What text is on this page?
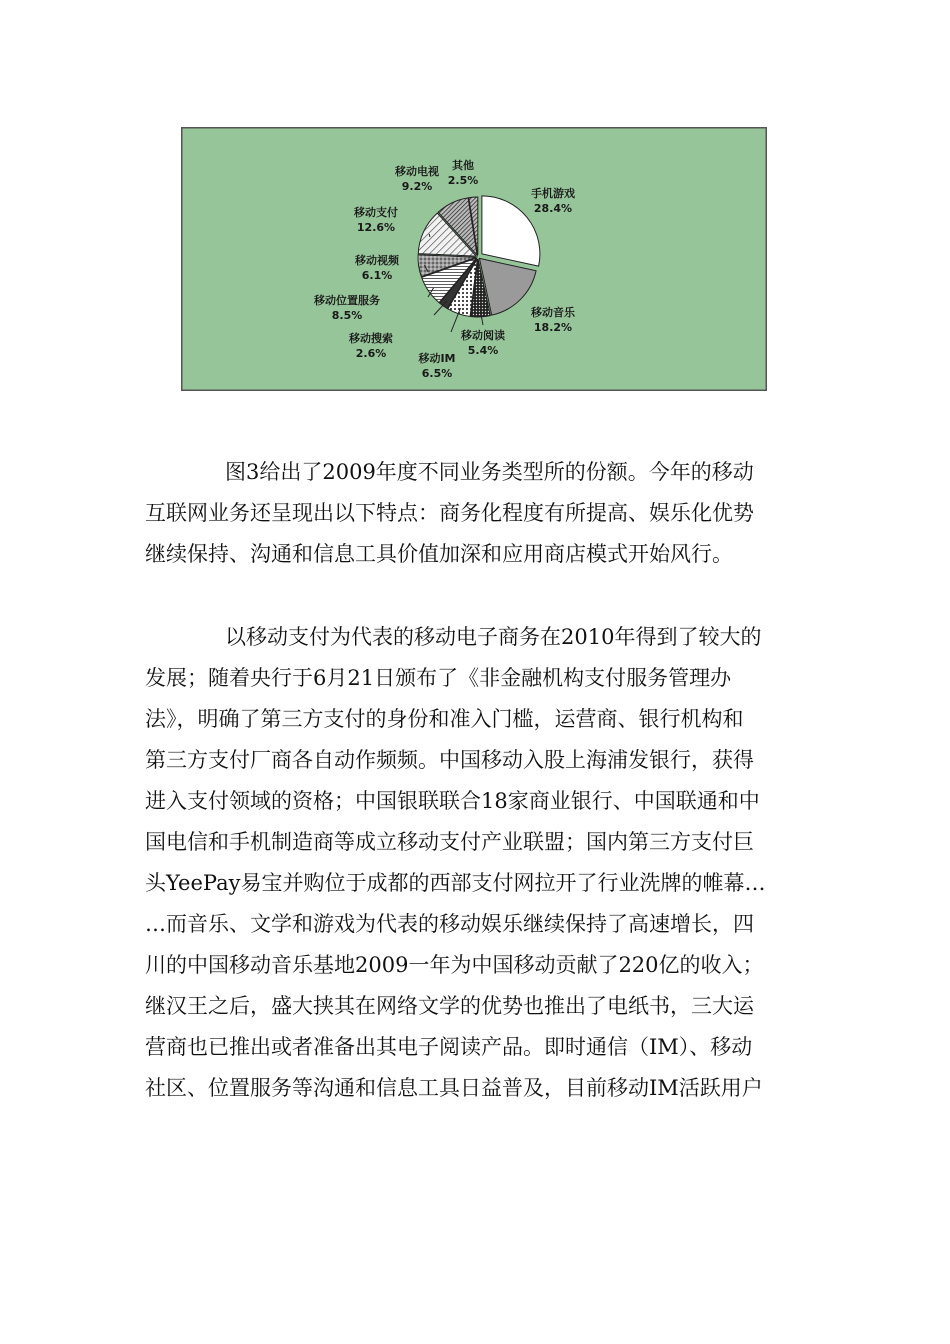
手机游戏
28.4%
移动音乐
18.2%
移动阅读
5.4%
移动IM
6.5%
移动搜索
2.6%
移动位置服务
8.5%
移动视频
6.1%
移动支付
12.6%
移动电视
9.2%
其他
2.5%

图3给出了2009年度不同业务类型所的份额。今年的移动
互联网业务还呈现出以下特点：商务化程度有所提高、娱乐化优势
继续保持、沟通和信息工具价值加深和应用商店模式开始风行。

以移动支付为代表的移动电子商务在2010年得到了较大的
发展；随着央行于6月21日颁布了《非金融机构支付服务管理办
法》，明确了第三方支付的身份和准入门槛，运营商、银行机构和
第三方支付厂商各自动作频频。中国移动入股上海浦发银行，获得
进入支付领域的资格；中国银联联合18家商业银行、中国联通和中
国电信和手机制造商等成立移动支付产业联盟；国内第三方支付巨
头YeePay易宝并购位于成都的西部支付网拉开了行业洗牌的帷幕…
…而音乐、文学和游戏为代表的移动娱乐继续保持了高速增长，四
川的中国移动音乐基地2009一年为中国移动贡献了220亿的收入；
继汉王之后，盛大挟其在网络文学的优势也推出了电纸书，三大运
营商也已推出或者准备出其电子阅读产品。即时通信（IM）、移动
社区、位置服务等沟通和信息工具日益普及，目前移动IM活跃用户
